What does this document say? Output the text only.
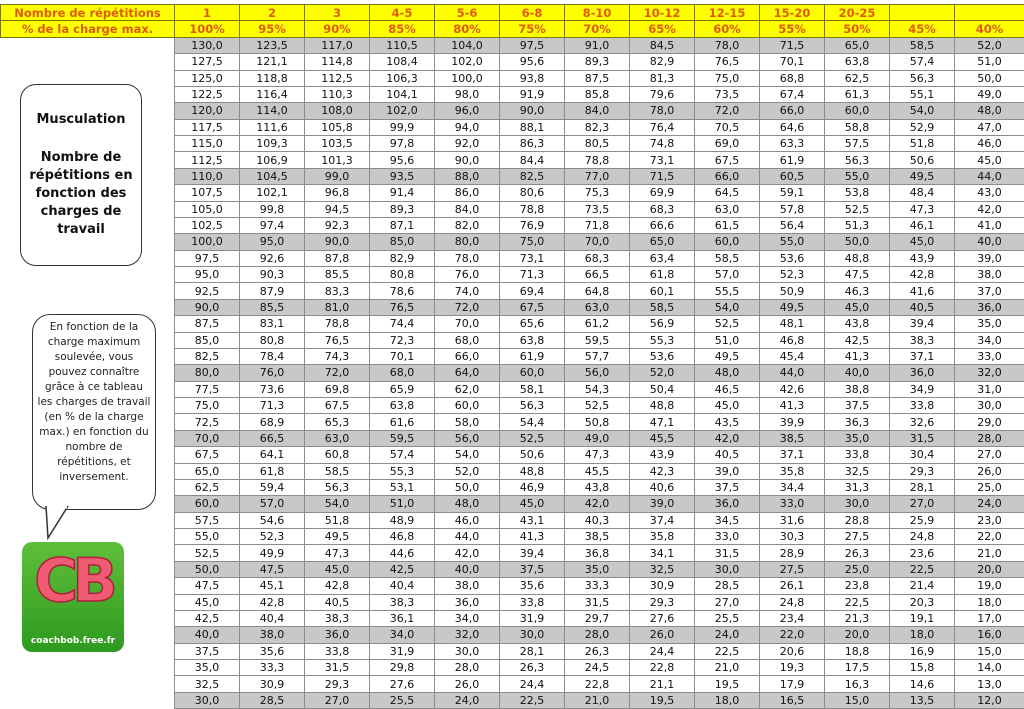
Nombre de répétitions	1	2	3	4-5	5-6	6-8	8-10	10-12	12-15	15-20	20-25		
% de la charge max.	100%	95%	90%	85%	80%	75%	70%	65%	60%	55%	50%	45%	40%
	130,0	123,5	117,0	110,5	104,0	97,5	91,0	84,5	78,0	71,5	65,0	58,5	52,0
	127,5	121,1	114,8	108,4	102,0	95,6	89,3	82,9	76,5	70,1	63,8	57,4	51,0
	125,0	118,8	112,5	106,3	100,0	93,8	87,5	81,3	75,0	68,8	62,5	56,3	50,0
	122,5	116,4	110,3	104,1	98,0	91,9	85,8	79,6	73,5	67,4	61,3	55,1	49,0
	120,0	114,0	108,0	102,0	96,0	90,0	84,0	78,0	72,0	66,0	60,0	54,0	48,0
	117,5	111,6	105,8	99,9	94,0	88,1	82,3	76,4	70,5	64,6	58,8	52,9	47,0
	115,0	109,3	103,5	97,8	92,0	86,3	80,5	74,8	69,0	63,3	57,5	51,8	46,0
	112,5	106,9	101,3	95,6	90,0	84,4	78,8	73,1	67,5	61,9	56,3	50,6	45,0
	110,0	104,5	99,0	93,5	88,0	82,5	77,0	71,5	66,0	60,5	55,0	49,5	44,0
	107,5	102,1	96,8	91,4	86,0	80,6	75,3	69,9	64,5	59,1	53,8	48,4	43,0
	105,0	99,8	94,5	89,3	84,0	78,8	73,5	68,3	63,0	57,8	52,5	47,3	42,0
	102,5	97,4	92,3	87,1	82,0	76,9	71,8	66,6	61,5	56,4	51,3	46,1	41,0
	100,0	95,0	90,0	85,0	80,0	75,0	70,0	65,0	60,0	55,0	50,0	45,0	40,0
	97,5	92,6	87,8	82,9	78,0	73,1	68,3	63,4	58,5	53,6	48,8	43,9	39,0
	95,0	90,3	85,5	80,8	76,0	71,3	66,5	61,8	57,0	52,3	47,5	42,8	38,0
	92,5	87,9	83,3	78,6	74,0	69,4	64,8	60,1	55,5	50,9	46,3	41,6	37,0
	90,0	85,5	81,0	76,5	72,0	67,5	63,0	58,5	54,0	49,5	45,0	40,5	36,0
	87,5	83,1	78,8	74,4	70,0	65,6	61,2	56,9	52,5	48,1	43,8	39,4	35,0
	85,0	80,8	76,5	72,3	68,0	63,8	59,5	55,3	51,0	46,8	42,5	38,3	34,0
	82,5	78,4	74,3	70,1	66,0	61,9	57,7	53,6	49,5	45,4	41,3	37,1	33,0
	80,0	76,0	72,0	68,0	64,0	60,0	56,0	52,0	48,0	44,0	40,0	36,0	32,0
	77,5	73,6	69,8	65,9	62,0	58,1	54,3	50,4	46,5	42,6	38,8	34,9	31,0
	75,0	71,3	67,5	63,8	60,0	56,3	52,5	48,8	45,0	41,3	37,5	33,8	30,0
	72,5	68,9	65,3	61,6	58,0	54,4	50,8	47,1	43,5	39,9	36,3	32,6	29,0
	70,0	66,5	63,0	59,5	56,0	52,5	49,0	45,5	42,0	38,5	35,0	31,5	28,0
	67,5	64,1	60,8	57,4	54,0	50,6	47,3	43,9	40,5	37,1	33,8	30,4	27,0
	65,0	61,8	58,5	55,3	52,0	48,8	45,5	42,3	39,0	35,8	32,5	29,3	26,0
	62,5	59,4	56,3	53,1	50,0	46,9	43,8	40,6	37,5	34,4	31,3	28,1	25,0
	60,0	57,0	54,0	51,0	48,0	45,0	42,0	39,0	36,0	33,0	30,0	27,0	24,0
	57,5	54,6	51,8	48,9	46,0	43,1	40,3	37,4	34,5	31,6	28,8	25,9	23,0
	55,0	52,3	49,5	46,8	44,0	41,3	38,5	35,8	33,0	30,3	27,5	24,8	22,0
	52,5	49,9	47,3	44,6	42,0	39,4	36,8	34,1	31,5	28,9	26,3	23,6	21,0
	50,0	47,5	45,0	42,5	40,0	37,5	35,0	32,5	30,0	27,5	25,0	22,5	20,0
	47,5	45,1	42,8	40,4	38,0	35,6	33,3	30,9	28,5	26,1	23,8	21,4	19,0
	45,0	42,8	40,5	38,3	36,0	33,8	31,5	29,3	27,0	24,8	22,5	20,3	18,0
	42,5	40,4	38,3	36,1	34,0	31,9	29,7	27,6	25,5	23,4	21,3	19,1	17,0
	40,0	38,0	36,0	34,0	32,0	30,0	28,0	26,0	24,0	22,0	20,0	18,0	16,0
	37,5	35,6	33,8	31,9	30,0	28,1	26,3	24,4	22,5	20,6	18,8	16,9	15,0
	35,0	33,3	31,5	29,8	28,0	26,3	24,5	22,8	21,0	19,3	17,5	15,8	14,0
	32,5	30,9	29,3	27,6	26,0	24,4	22,8	21,1	19,5	17,9	16,3	14,6	13,0
	30,0	28,5	27,0	25,5	24,0	22,5	21,0	19,5	18,0	16,5	15,0	13,5	12,0
Musculation
Nombre de répétitions en fonction des charges de travail
En fonction de la charge maximum soulevée, vous pouvez connaître grâce à ce tableau les charges de travail (en % de la charge max.) en fonction du nombre de répétitions, et inversement.
CB
coachbob.free.fr
